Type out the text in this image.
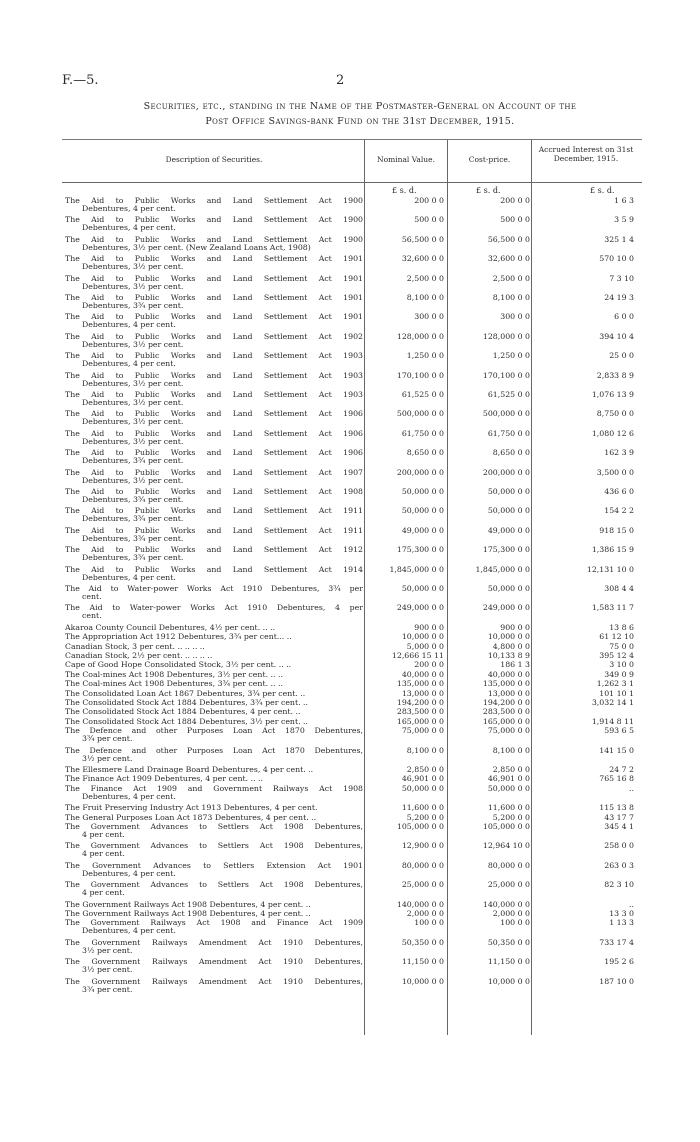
F.—5.	2
Securities, etc., standing in the Name of the Postmaster-General on Account of the
Post Office Savings-bank Fund on the 31st December, 1915.
Description of Securities.	Nominal Value.	Cost-price.
Accrued Interest on 31st December, 1915.
£ s. d.	£ s. d.	£ s. d.
The Aid to Public Works and Land Settlement Act 1900
Debentures, 4 per cent.
200 0 0	200 0 0	1 6 3
The Aid to Public Works and Land Settlement Act 1900
Debentures, 4 per cent.
500 0 0	500 0 0	3 5 9
The Aid to Public Works and Land Settlement Act 1900
Debentures, 3½ per cent. (New Zealand Loans Act, 1908)
56,500 0 0	56,500 0 0	325 1 4
The Aid to Public Works and Land Settlement Act 1901
Debentures, 3½ per cent.
32,600 0 0	32,600 0 0	570 10 0
The Aid to Public Works and Land Settlement Act 1901
Debentures, 3½ per cent.
2,500 0 0	2,500 0 0	7 3 10
The Aid to Public Works and Land Settlement Act 1901
Debentures, 3¾ per cent.
8,100 0 0	8,100 0 0	24 19 3
The Aid to Public Works and Land Settlement Act 1901
Debentures, 4 per cent.
300 0 0	300 0 0	6 0 0
The Aid to Public Works and Land Settlement Act 1902
Debentures, 3½ per cent.
128,000 0 0	128,000 0 0	394 10 4
The Aid to Public Works and Land Settlement Act 1903
Debentures, 4 per cent.
1,250 0 0	1,250 0 0	25 0 0
The Aid to Public Works and Land Settlement Act 1903
Debentures, 3½ per cent.
170,100 0 0	170,100 0 0	2,833 8 9
The Aid to Public Works and Land Settlement Act 1903
Debentures, 3½ per cent.
61,525 0 0	61,525 0 0	1,076 13 9
The Aid to Public Works and Land Settlement Act 1906
Debentures, 3½ per cent.
500,000 0 0	500,000 0 0	8,750 0 0
The Aid to Public Works and Land Settlement Act 1906
Debentures, 3½ per cent.
61,750 0 0	61,750 0 0	1,080 12 6
The Aid to Public Works and Land Settlement Act 1906
Debentures, 3¾ per cent.
8,650 0 0	8,650 0 0	162 3 9
The Aid to Public Works and Land Settlement Act 1907
Debentures, 3½ per cent.
200,000 0 0	200,000 0 0	3,500 0 0
The Aid to Public Works and Land Settlement Act 1908
Debentures, 3¾ per cent.
50,000 0 0	50,000 0 0	436 6 0
The Aid to Public Works and Land Settlement Act 1911
Debentures, 3¾ per cent.
50,000 0 0	50,000 0 0	154 2 2
The Aid to Public Works and Land Settlement Act 1911
Debentures, 3¾ per cent.
49,000 0 0	49,000 0 0	918 15 0
The Aid to Public Works and Land Settlement Act 1912
Debentures, 3¾ per cent.
175,300 0 0	175,300 0 0	1,386 15 9
The Aid to Public Works and Land Settlement Act 1914
Debentures, 4 per cent.
1,845,000 0 0	1,845,000 0 0	12,131 10 0
The Aid to Water-power Works Act 1910 Debentures, 3¾ per
cent.
50,000 0 0	50,000 0 0	308 4 4
The Aid to Water-power Works Act 1910 Debentures, 4 per
cent.
249,000 0 0	249,000 0 0	1,583 11 7
Akaroa County Council Debentures, 4½ per cent. .. ..	900 0 0	900 0 0	13 8 6
The Appropriation Act 1912 Debentures, 3¾ per cent... ..	10,000 0 0	10,000 0 0	61 12 10
Canadian Stock, 3 per cent. .. .. .. ..	5,000 0 0	4,800 0 0	75 0 0
Canadian Stock, 2½ per cent. .. .. .. ..	12,666 15 11	10,133 8 9	395 12 4
Cape of Good Hope Consolidated Stock, 3½ per cent. .. ..	200 0 0	186 1 3	3 10 0
The Coal-mines Act 1908 Debentures, 3½ per cent. .. ..	40,000 0 0	40,000 0 0	349 0 9
The Coal-mines Act 1908 Debentures, 3¾ per cent. .. ..	135,000 0 0	135,000 0 0	1,262 3 1
The Consolidated Loan Act 1867 Debentures, 3¾ per cent. ..	13,000 0 0	13,000 0 0	101 10 1
The Consolidated Stock Act 1884 Debentures, 3¾ per cent. ..	194,200 0 0	194,200 0 0	3,032 14 1
The Consolidated Stock Act 1884 Debentures, 4 per cent. ..	283,500 0 0	283,500 0 0
The Consolidated Stock Act 1884 Debentures, 3½ per cent. ..	165,000 0 0	165,000 0 0	1,914 8 11
The Defence and other Purposes Loan Act 1870 Debentures,
3¾ per cent.
75,000 0 0	75,000 0 0	593 6 5
The Defence and other Purposes Loan Act 1870 Debentures,
3½ per cent.
8,100 0 0	8,100 0 0	141 15 0
The Ellesmere Land Drainage Board Debentures, 4 per cent. ..	2,850 0 0	2,850 0 0	24 7 2
The Finance Act 1909 Debentures, 4 per cent. .. ..	46,901 0 0	46,901 0 0	765 16 8
The Finance Act 1909 and Government Railways Act 1908
Debentures, 4 per cent.
50,000 0 0	50,000 0 0	..
The Fruit Preserving Industry Act 1913 Debentures, 4 per cent.	11,600 0 0	11,600 0 0	115 13 8
The General Purposes Loan Act 1873 Debentures, 4 per cent. ..	5,200 0 0	5,200 0 0	43 17 7
The Government Advances to Settlers Act 1908 Debentures,
4 per cent.
105,000 0 0	105,000 0 0	345 4 1
The Government Advances to Settlers Act 1908 Debentures,
4 per cent.
12,900 0 0	12,964 10 0	258 0 0
The Government Advances to Settlers Extension Act 1901
Debentures, 4 per cent.
80,000 0 0	80,000 0 0	263 0 3
The Government Advances to Settlers Act 1908 Debentures,
4 per cent.
25,000 0 0	25,000 0 0	82 3 10
The Government Railways Act 1908 Debentures, 4 per cent. ..	140,000 0 0	140,000 0 0	..
The Government Railways Act 1908 Debentures, 4 per cent. ..	2,000 0 0	2,000 0 0	13 3 0
The Government Railways Act 1908 and Finance Act 1909
Debentures, 4 per cent.
100 0 0	100 0 0	1 13 3
The Government Railways Amendment Act 1910 Debentures,
3½ per cent.
50,350 0 0	50,350 0 0	733 17 4
The Government Railways Amendment Act 1910 Debentures,
3½ per cent.
11,150 0 0	11,150 0 0	195 2 6
The Government Railways Amendment Act 1910 Debentures,
3¾ per cent.
10,000 0 0	10,000 0 0	187 10 0
